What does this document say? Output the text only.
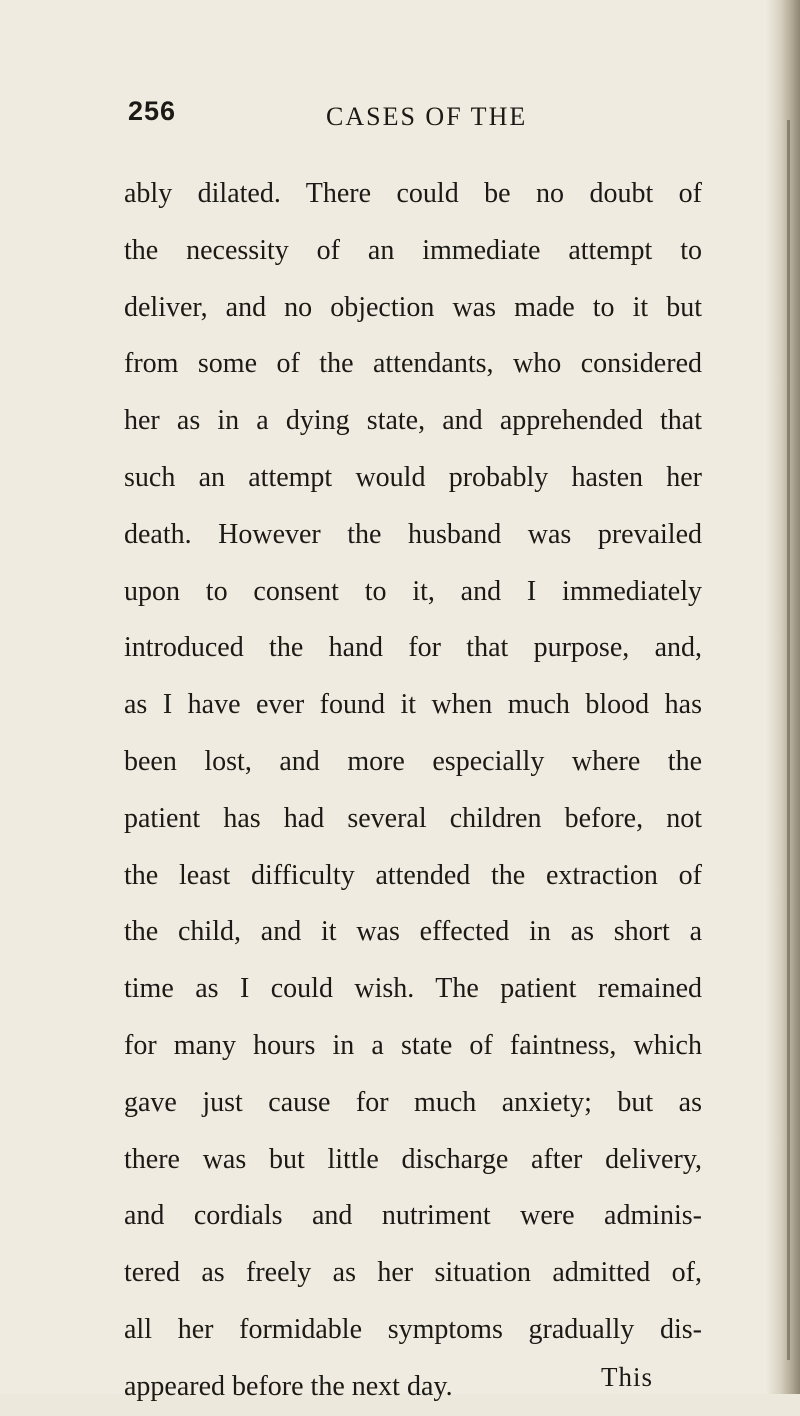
256	CASES OF THE
ably dilated. There could be no doubt of
the necessity of an immediate attempt to
deliver, and no objection was made to it but
from some of the attendants, who considered
her as in a dying state, and apprehended that
such an attempt would probably hasten her
death. However the husband was prevailed
upon to consent to it, and I immediately
introduced the hand for that purpose, and,
as I have ever found it when much blood has
been lost, and more especially where the
patient has had several children before, not
the least difficulty attended the extraction of
the child, and it was effected in as short a
time as I could wish. The patient remained
for many hours in a state of faintness, which
gave just cause for much anxiety; but as
there was but little discharge after delivery,
and cordials and nutriment were adminis-
tered as freely as her situation admitted of,
all her formidable symptoms gradually dis-
appeared before the next day.	This
